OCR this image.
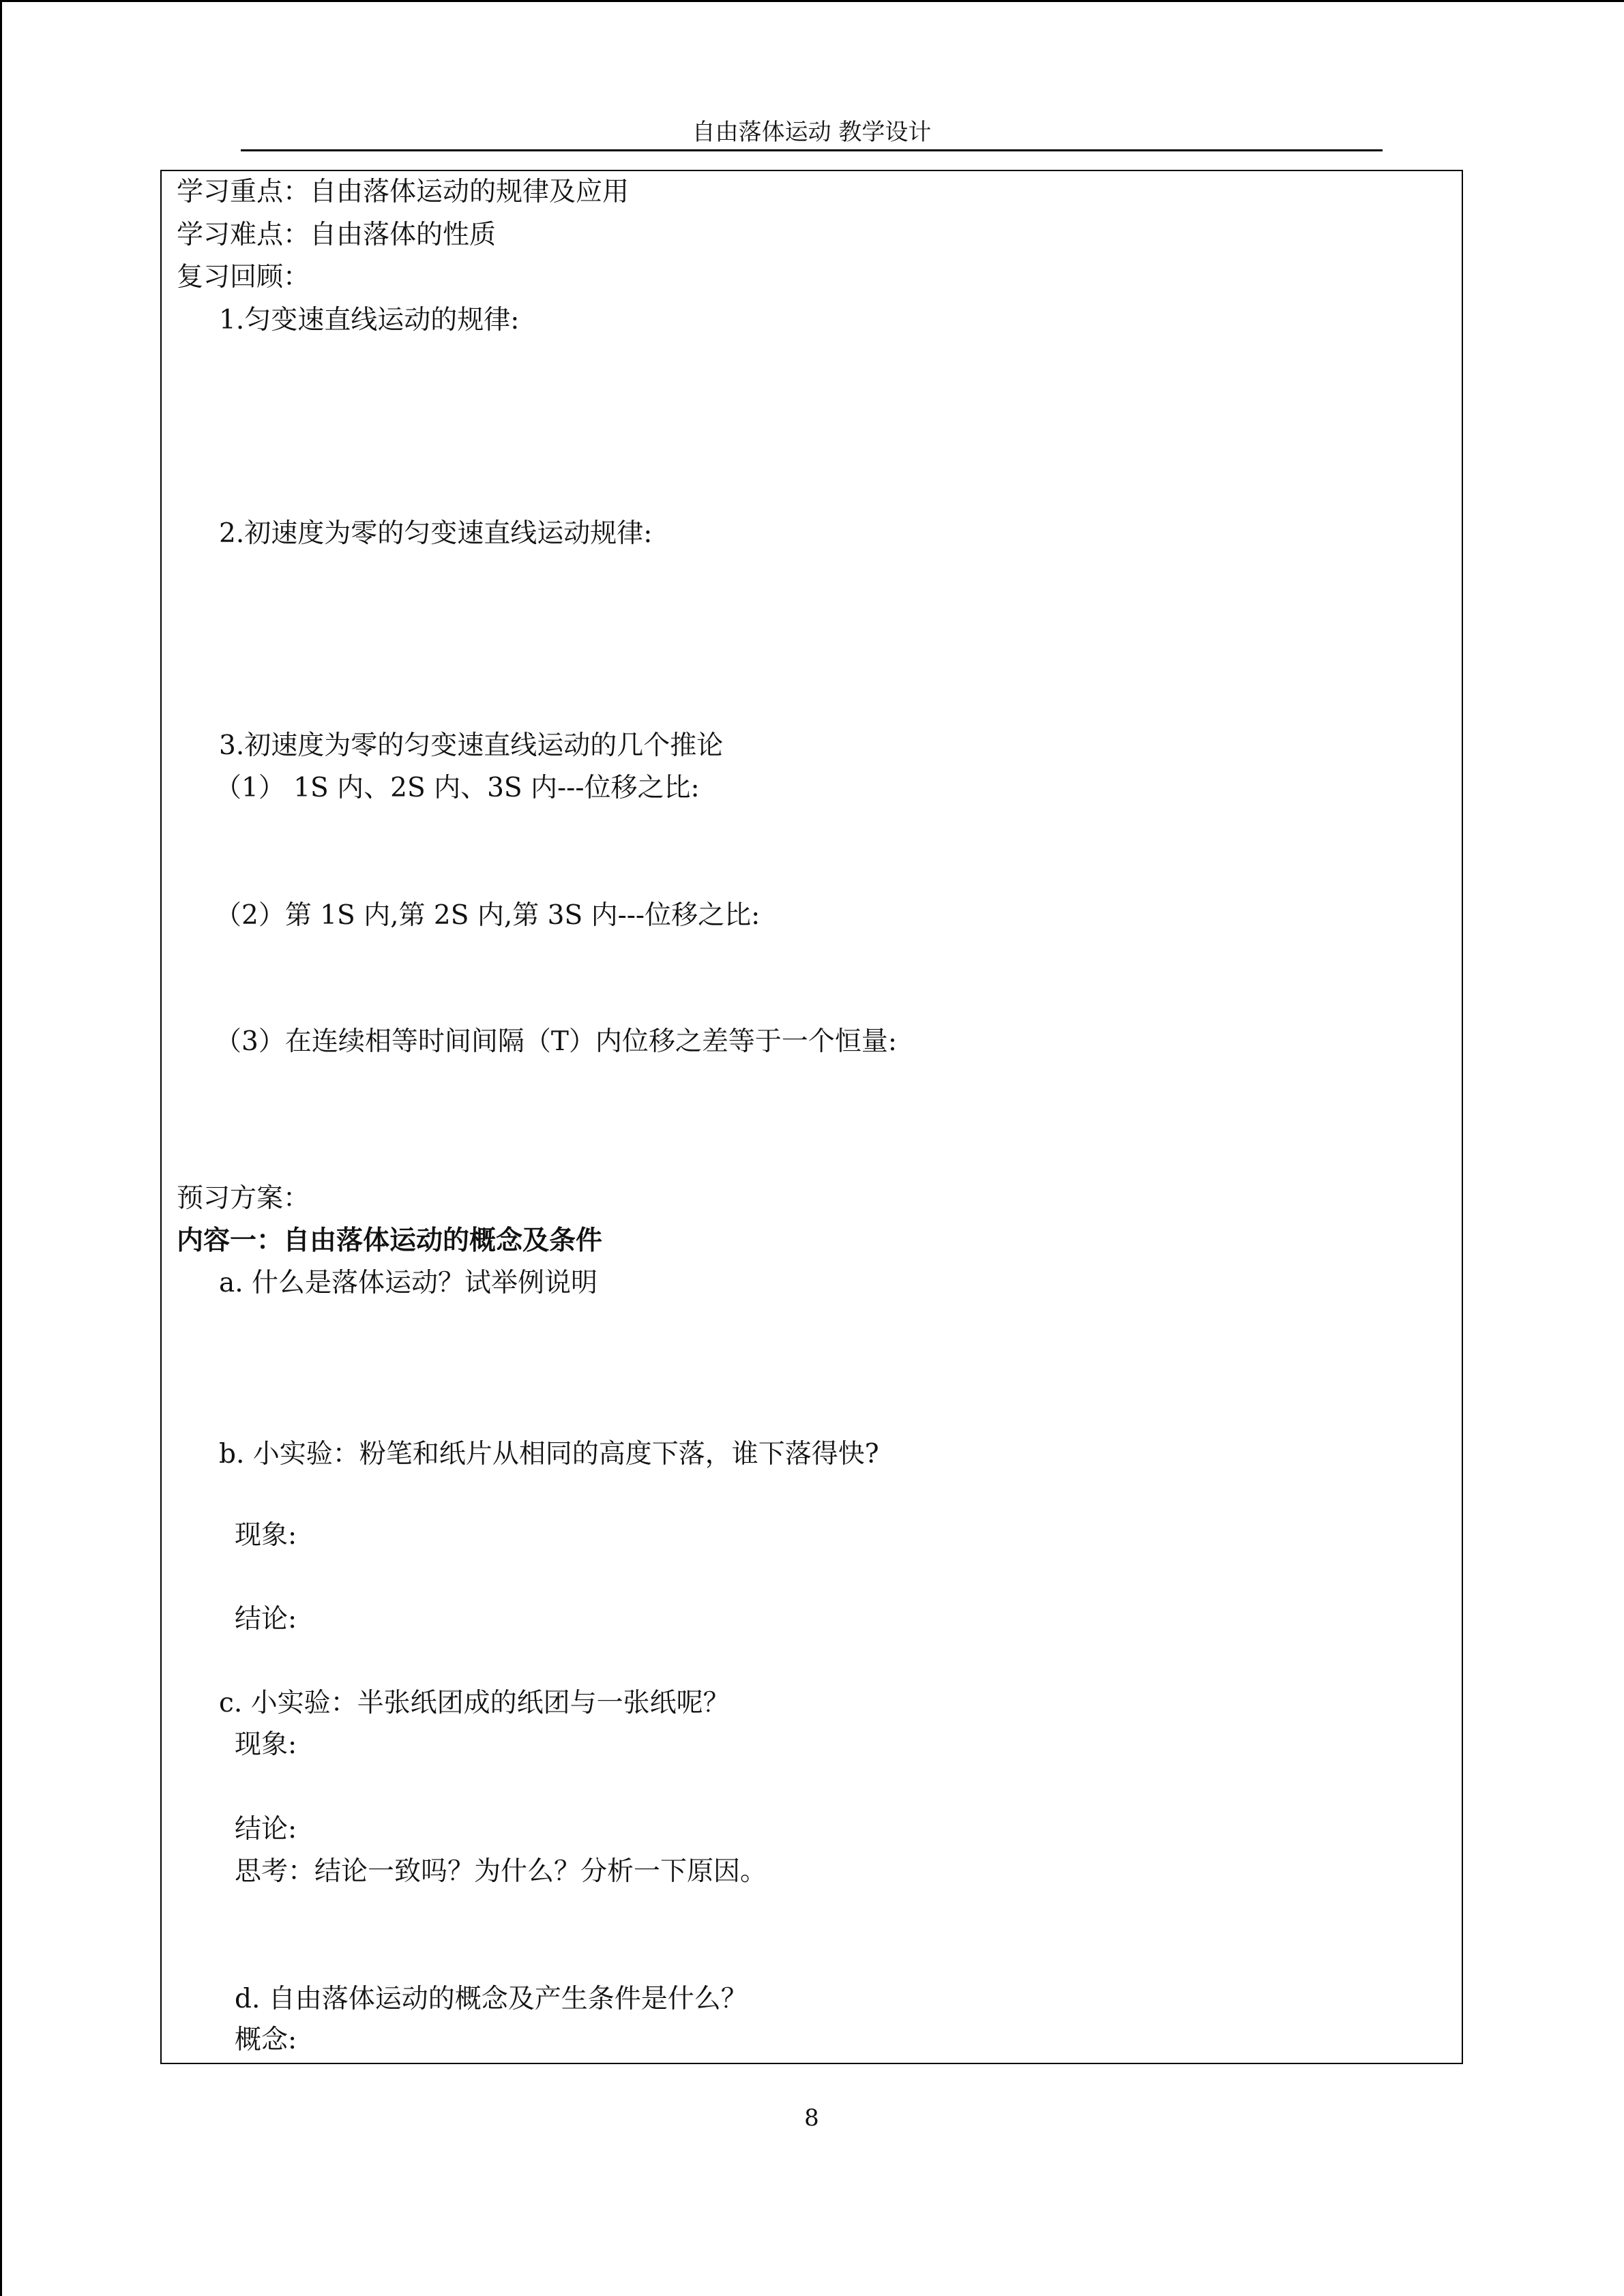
自由落体运动 教学设计
学习重点：自由落体运动的规律及应用
学习难点：自由落体的性质
复习回顾：
1.匀变速直线运动的规律:
2.初速度为零的匀变速直线运动规律:
3.初速度为零的匀变速直线运动的几个推论
（1） 1S 内、2S 内、3S 内---位移之比:
（2）第 1S 内,第 2S 内,第 3S 内---位移之比:
（3）在连续相等时间间隔（T）内位移之差等于一个恒量:
预习方案：
内容一：自由落体运动的概念及条件
a. 什么是落体运动？试举例说明
b. 小实验：粉笔和纸片从相同的高度下落，谁下落得快?
现象:
结论:
c. 小实验：半张纸团成的纸团与一张纸呢？
现象:
结论:
思考：结论一致吗？为什么？分析一下原因。
d. 自由落体运动的概念及产生条件是什么？
概念:
8
